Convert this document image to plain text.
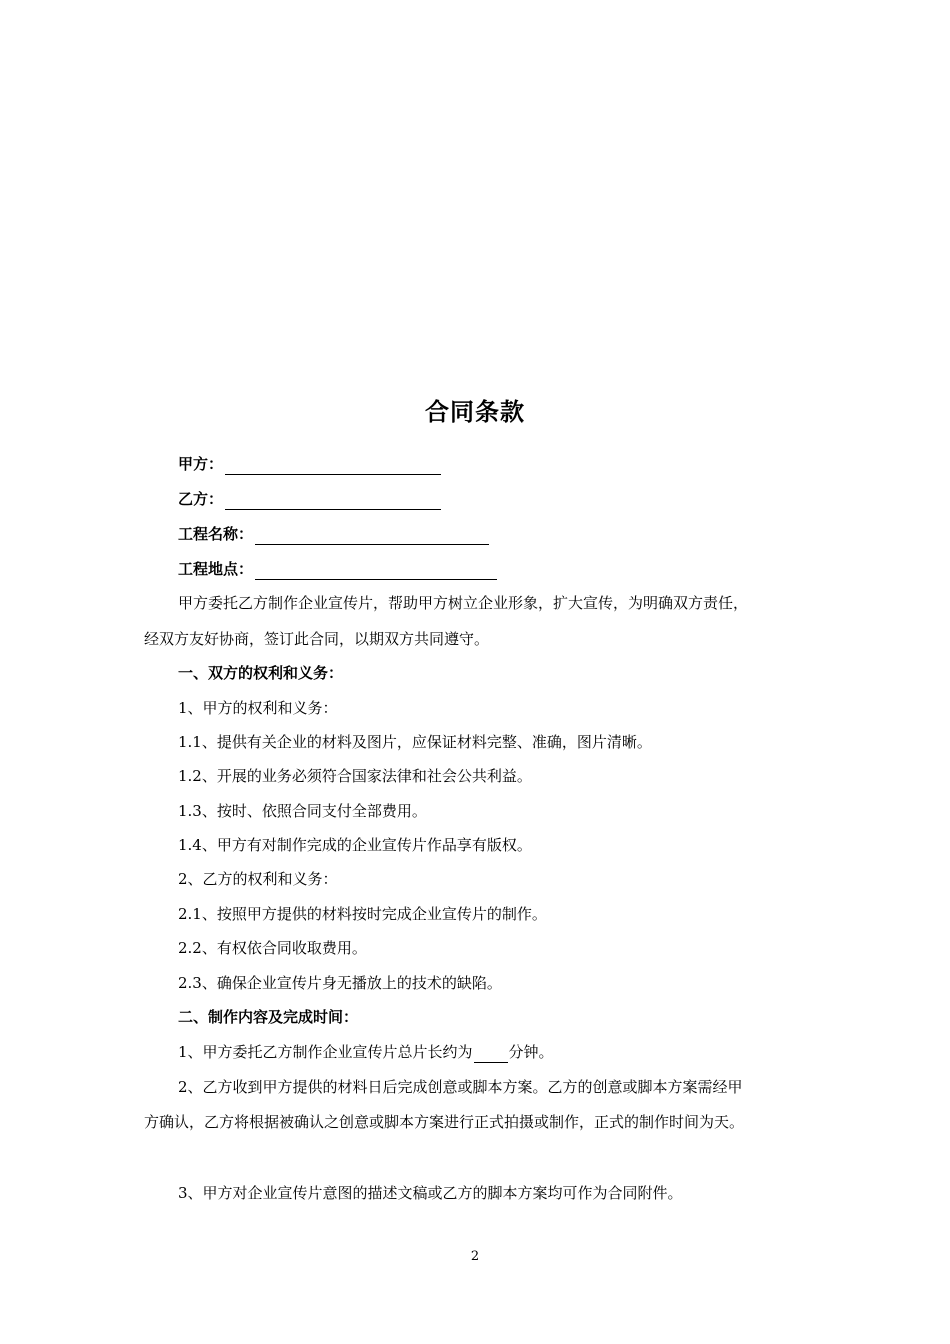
合同条款
甲方：
乙方：
工程名称：
工程地点：
甲方委托乙方制作企业宣传片，帮助甲方树立企业形象，扩大宣传，为明确双方责任，
经双方友好协商，签订此合同，以期双方共同遵守。
一、双方的权利和义务：
1、甲方的权利和义务：
1.1、提供有关企业的材料及图片，应保证材料完整、准确，图片清晰。
1.2、开展的业务必须符合国家法律和社会公共利益。
1.3、按时、依照合同支付全部费用。
1.4、甲方有对制作完成的企业宣传片作品享有版权。
2、乙方的权利和义务：
2.1、按照甲方提供的材料按时完成企业宣传片的制作。
2.2、有权依合同收取费用。
2.3、确保企业宣传片身无播放上的技术的缺陷。
二、制作内容及完成时间：
1、甲方委托乙方制作企业宣传片总片长约为 分钟。
2、乙方收到甲方提供的材料日后完成创意或脚本方案。乙方的创意或脚本方案需经甲
方确认，乙方将根据被确认之创意或脚本方案进行正式拍摄或制作，正式的制作时间为天。
3、甲方对企业宣传片意图的描述文稿或乙方的脚本方案均可作为合同附件。
2
